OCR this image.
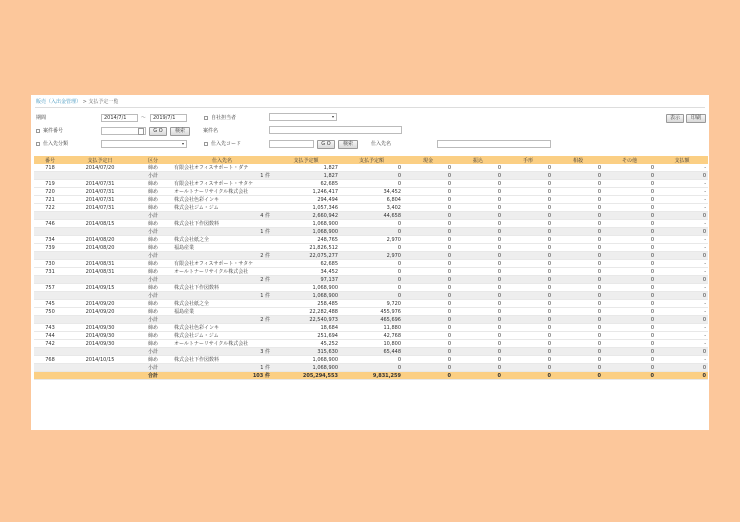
販売（入出金管理） > 支払予定一覧
期間	2014/7/1	〜	2019/7/1	自社担当者 ▾	表示	印刷
案件番号	G O	検索	案件名
仕入先分類 ▾	仕入先コード	G O	検索	仕入先名
番号	支払予定日	区分	仕入先名	支払予定額	支払予定額	現金	振込	手形	相殺	その他	支払額
718	2014/07/20	締め	有限会社オフィスサポート・ダテ	1,827	0	0	0	0	0	0	-
		小計	1 件	1,827	0	0	0	0	0	0	0
719	2014/07/31	締め	有限会社オフィスサポート・サタケ	62,685	0	0	0	0	0	0	-
720	2014/07/31	締め	オールトナーリサイクル株式会社	1,246,417	34,452	0	0	0	0	0	-
721	2014/07/31	締め	株式会社色彩インキ	294,494	6,804	0	0	0	0	0	-
722	2014/07/31	締め	株式会社ジム・ジム	1,057,346	3,402	0	0	0	0	0	-
		小計	4 件	2,660,942	44,658	0	0	0	0	0	0
746	2014/08/15	締め	株式会社下作図数料	1,068,900	0	0	0	0	0	0	-
		小計	1 件	1,068,900	0	0	0	0	0	0	0
734	2014/08/20	締め	株式会社紙之全	248,765	2,970	0	0	0	0	0	-
739	2014/08/20	締め	福島産業	21,826,512	0	0	0	0	0	0	-
		小計	2 件	22,075,277	2,970	0	0	0	0	0	0
730	2014/08/31	締め	有限会社オフィスサポート・サタケ	62,685	0	0	0	0	0	0	-
731	2014/08/31	締め	オールトナーリサイクル株式会社	34,452	0	0	0	0	0	0	-
		小計	2 件	97,137	0	0	0	0	0	0	0
757	2014/09/15	締め	株式会社下作図数料	1,068,900	0	0	0	0	0	0	-
		小計	1 件	1,068,900	0	0	0	0	0	0	0
745	2014/09/20	締め	株式会社紙之全	258,485	9,720	0	0	0	0	0	-
750	2014/09/20	締め	福島産業	22,282,488	455,976	0	0	0	0	0	-
		小計	2 件	22,540,973	465,696	0	0	0	0	0	0
743	2014/09/30	締め	株式会社色彩インキ	18,684	11,880	0	0	0	0	0	-
744	2014/09/30	締め	株式会社ジム・ジム	251,694	42,768	0	0	0	0	0	-
742	2014/09/30	締め	オールトナーリサイクル株式会社	45,252	10,800	0	0	0	0	0	-
		小計	3 件	315,630	65,448	0	0	0	0	0	0
768	2014/10/15	締め	株式会社下作図数料	1,068,900	0	0	0	0	0	0	-
		小計	1 件	1,068,900	0	0	0	0	0	0	0
		合計	103 件	205,294,553	9,831,259	0	0	0	0	0	0
